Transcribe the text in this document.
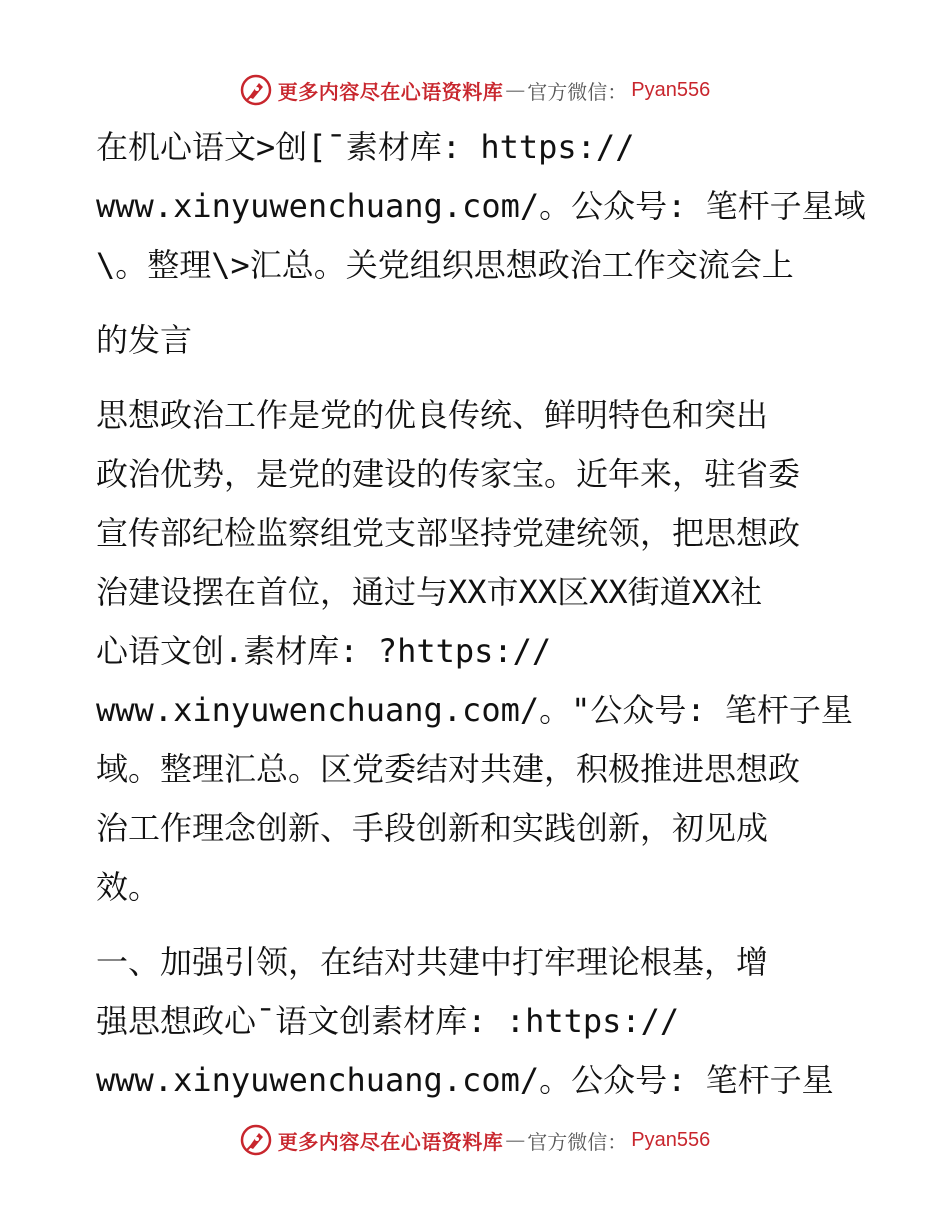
更多内容尽在心语资料库 — 官方微信： Pyan556
在机心语文>创[¯素材库: https://
www.xinyuwenchuang.com/。公众号: 笔杆子星域
\。整理\>汇总。关党组织思想政治工作交流会上
的发言
思想政治工作是党的优良传统、鲜明特色和突出
政治优势，是党的建设的传家宝。近年来，驻省委
宣传部纪检监察组党支部坚持党建统领，把思想政
治建设摆在首位，通过与XX市XX区XX街道XX社
心语文创.素材库: ?https://
www.xinyuwenchuang.com/。"公众号: 笔杆子星
域。整理汇总。区党委结对共建，积极推进思想政
治工作理念创新、手段创新和实践创新，初见成
效。
一、加强引领，在结对共建中打牢理论根基，增
强思想政心¯语文创素材库: :https://
www.xinyuwenchuang.com/。公众号: 笔杆子星
更多内容尽在心语资料库 — 官方微信： Pyan556
